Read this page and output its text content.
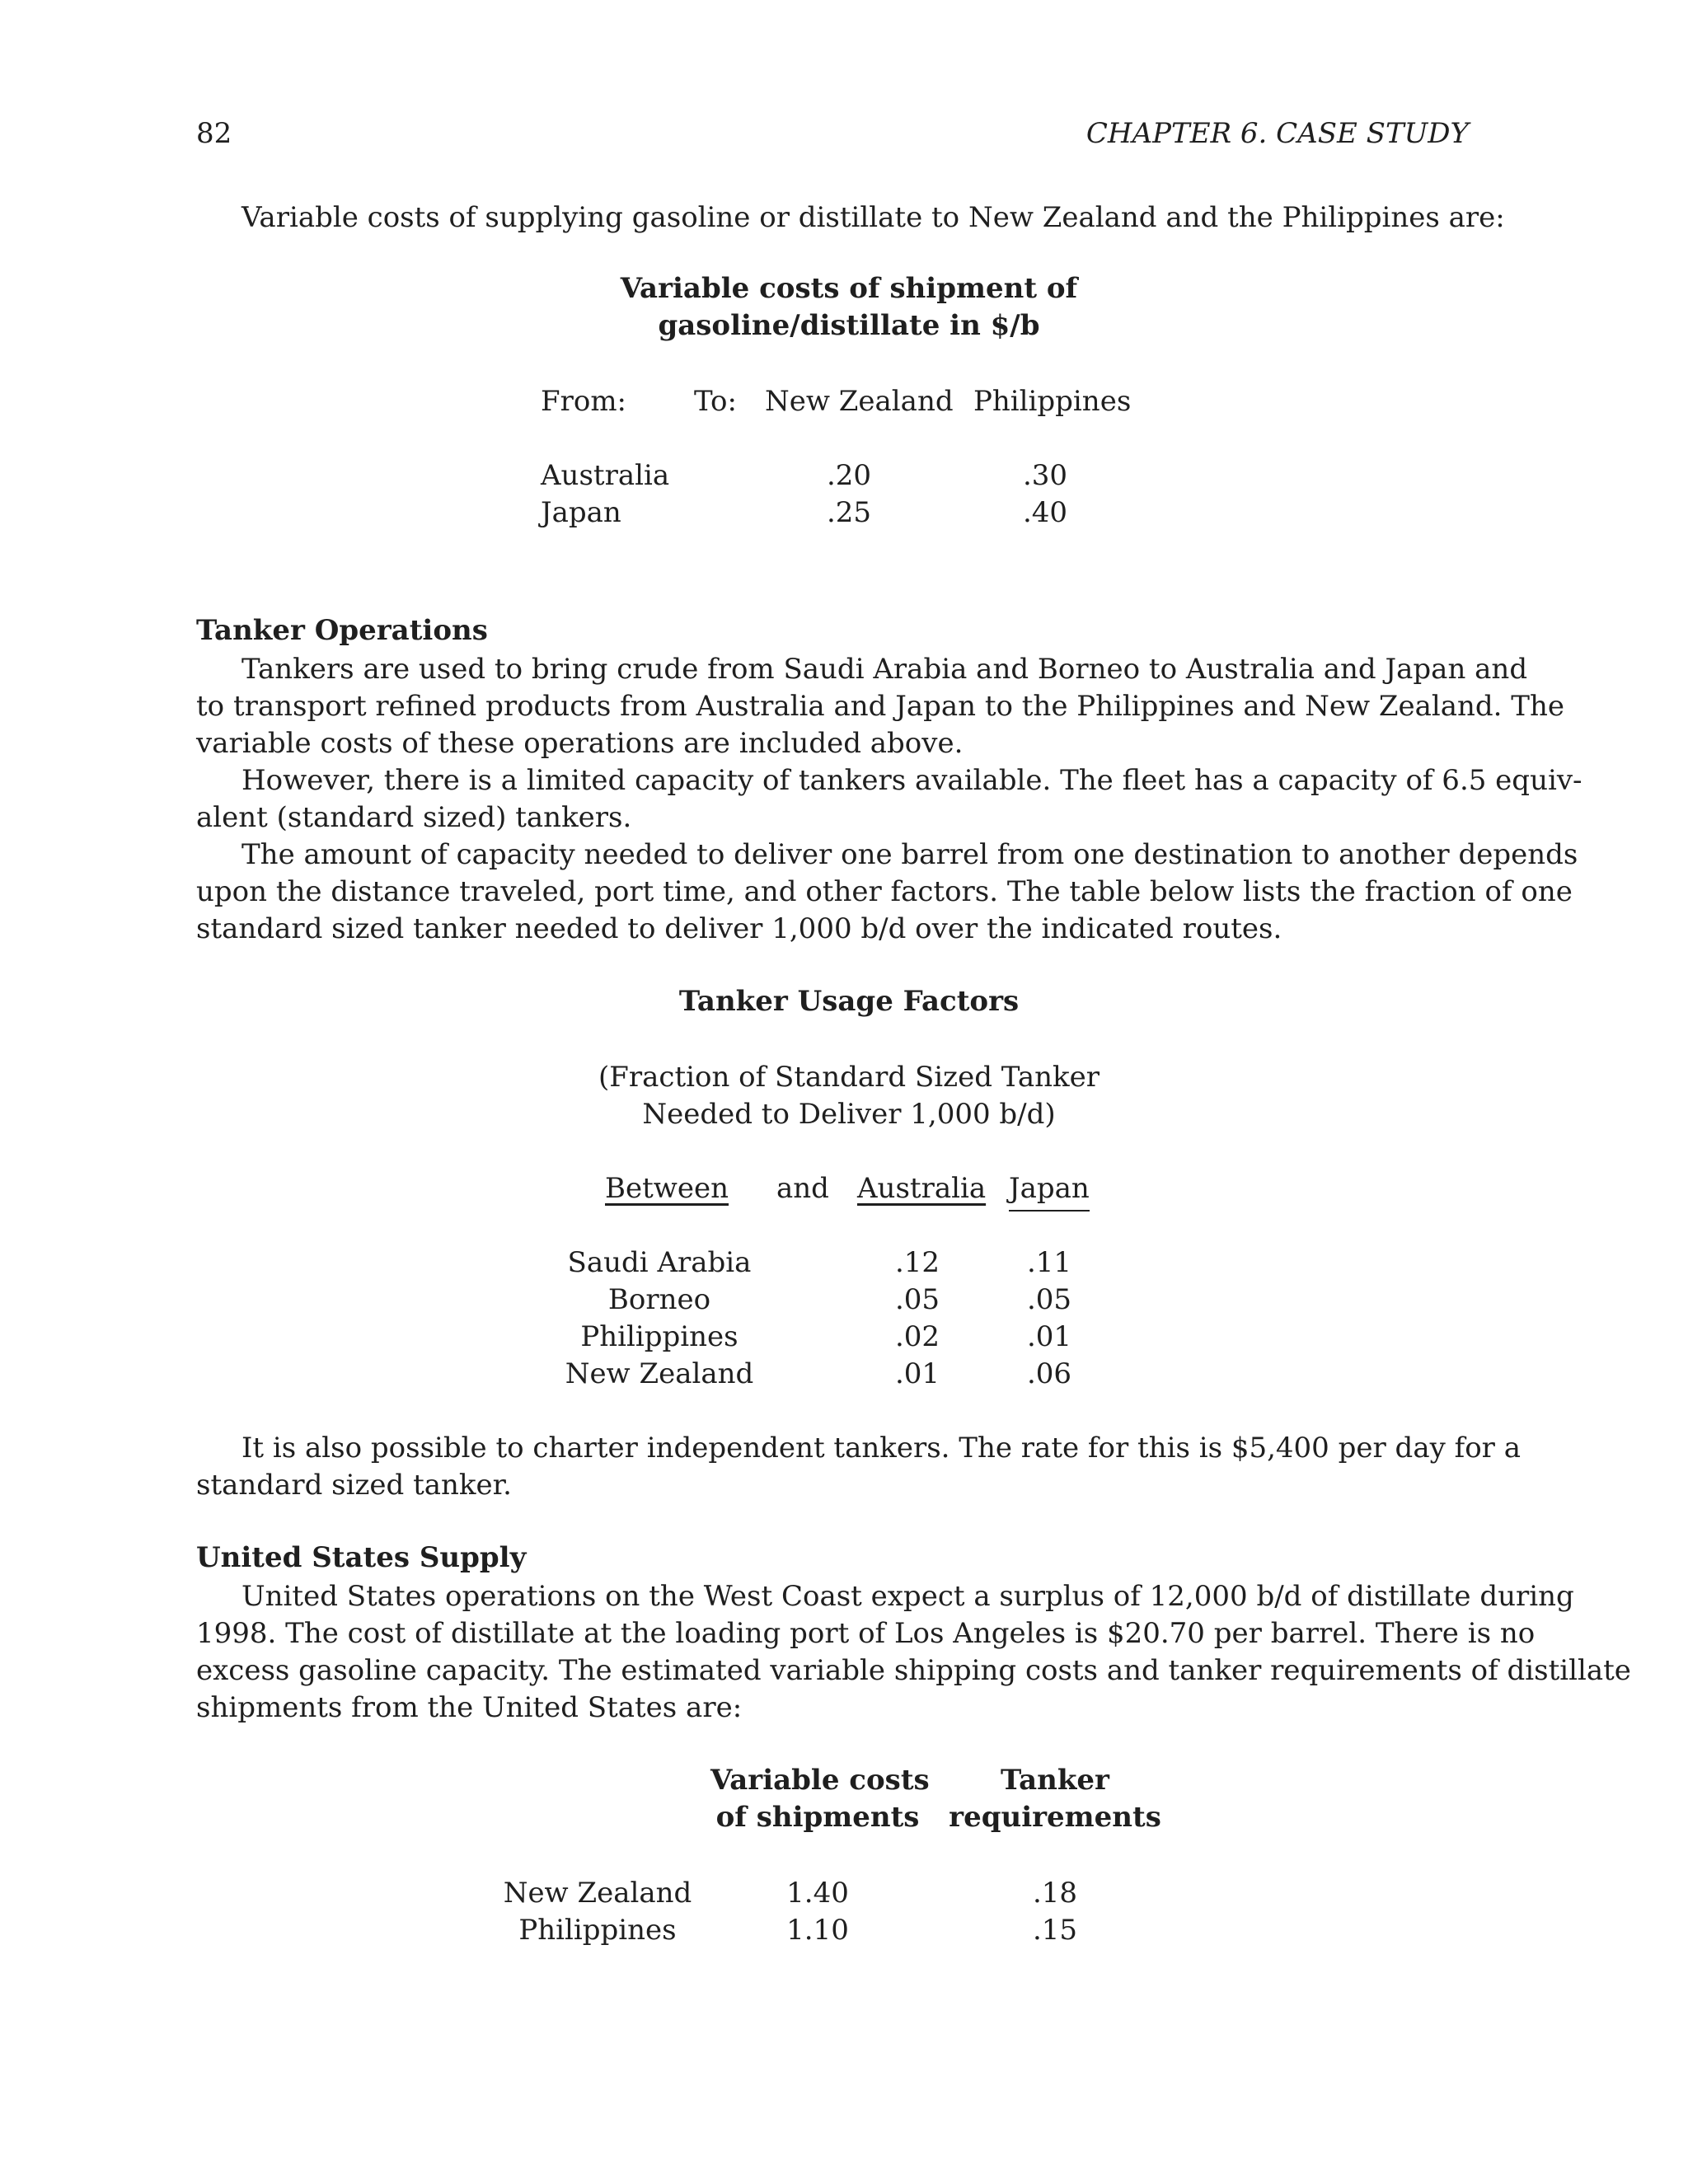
82	CHAPTER 6. CASE STUDY
Variable costs of supplying gasoline or distillate to New Zealand and the Philippines are:
Variable costs of shipment of
gasoline/distillate in $/b
From: To: New Zealand Philippines
Australia	.20	.30
Japan	.25	.40
Tanker Operations
Tankers are used to bring crude from Saudi Arabia and Borneo to Australia and Japan and
to transport refined products from Australia and Japan to the Philippines and New Zealand. The
variable costs of these operations are included above.
However, there is a limited capacity of tankers available. The fleet has a capacity of 6.5 equiv-
alent (standard sized) tankers.
The amount of capacity needed to deliver one barrel from one destination to another depends
upon the distance traveled, port time, and other factors. The table below lists the fraction of one
standard sized tanker needed to deliver 1,000 b/d over the indicated routes.
Tanker Usage Factors
(Fraction of Standard Sized Tanker
Needed to Deliver 1,000 b/d)
Between and Australia Japan
Saudi Arabia	.12	.11
Borneo	.05	.05
Philippines	.02	.01
New Zealand	.01	.06
It is also possible to charter independent tankers. The rate for this is $5,400 per day for a
standard sized tanker.
United States Supply
United States operations on the West Coast expect a surplus of 12,000 b/d of distillate during
1998. The cost of distillate at the loading port of Los Angeles is $20.70 per barrel. There is no
excess gasoline capacity. The estimated variable shipping costs and tanker requirements of distillate
shipments from the United States are:
Variable costs
of shipments
Tanker
requirements
New Zealand	1.40	.18
Philippines	1.10	.15
